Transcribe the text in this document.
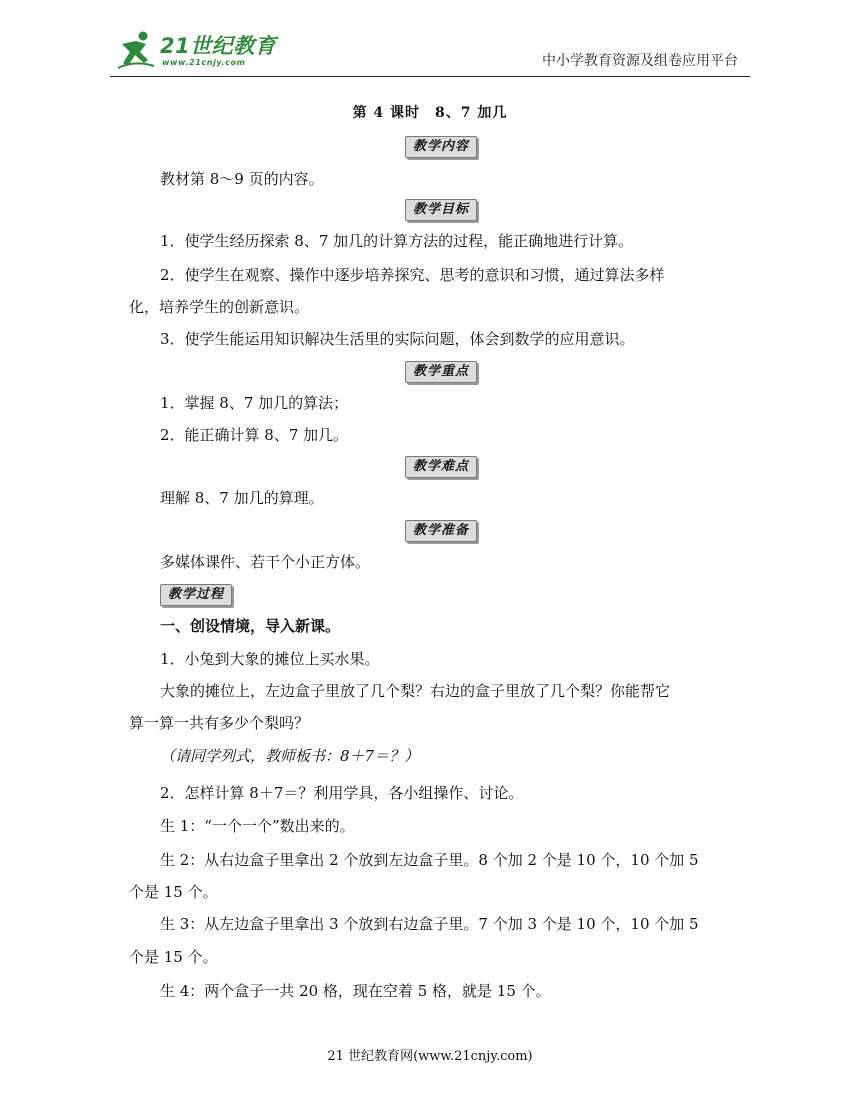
21世纪教育
www.21cnjy.com	中小学教育资源及组卷应用平台
第 4 课时　8、7 加几
教学内容
教材第 8～9 页的内容。
教学目标
1．使学生经历探索 8、7 加几的计算方法的过程，能正确地进行计算。
2．使学生在观察、操作中逐步培养探究、思考的意识和习惯，通过算法多样
化，培养学生的创新意识。
3．使学生能运用知识解决生活里的实际问题，体会到数学的应用意识。
教学重点
1．掌握 8、7 加几的算法；
2．能正确计算 8、7 加几。
教学难点
理解 8、7 加几的算理。
教学准备
多媒体课件、若干个小正方体。
教学过程
一、创设情境，导入新课。
1．小兔到大象的摊位上买水果。
大象的摊位上，左边盒子里放了几个梨？右边的盒子里放了几个梨？你能帮它
算一算一共有多少个梨吗？
（请同学列式，教师板书：8＋7＝？）
2．怎样计算 8＋7＝？利用学具，各小组操作、讨论。
生 1：“一个一个”数出来的。
生 2：从右边盒子里拿出 2 个放到左边盒子里。8 个加 2 个是 10 个，10 个加 5
个是 15 个。
生 3：从左边盒子里拿出 3 个放到右边盒子里。7 个加 3 个是 10 个，10 个加 5
个是 15 个。
生 4：两个盒子一共 20 格，现在空着 5 格，就是 15 个。
21 世纪教育网(www.21cnjy.com)
